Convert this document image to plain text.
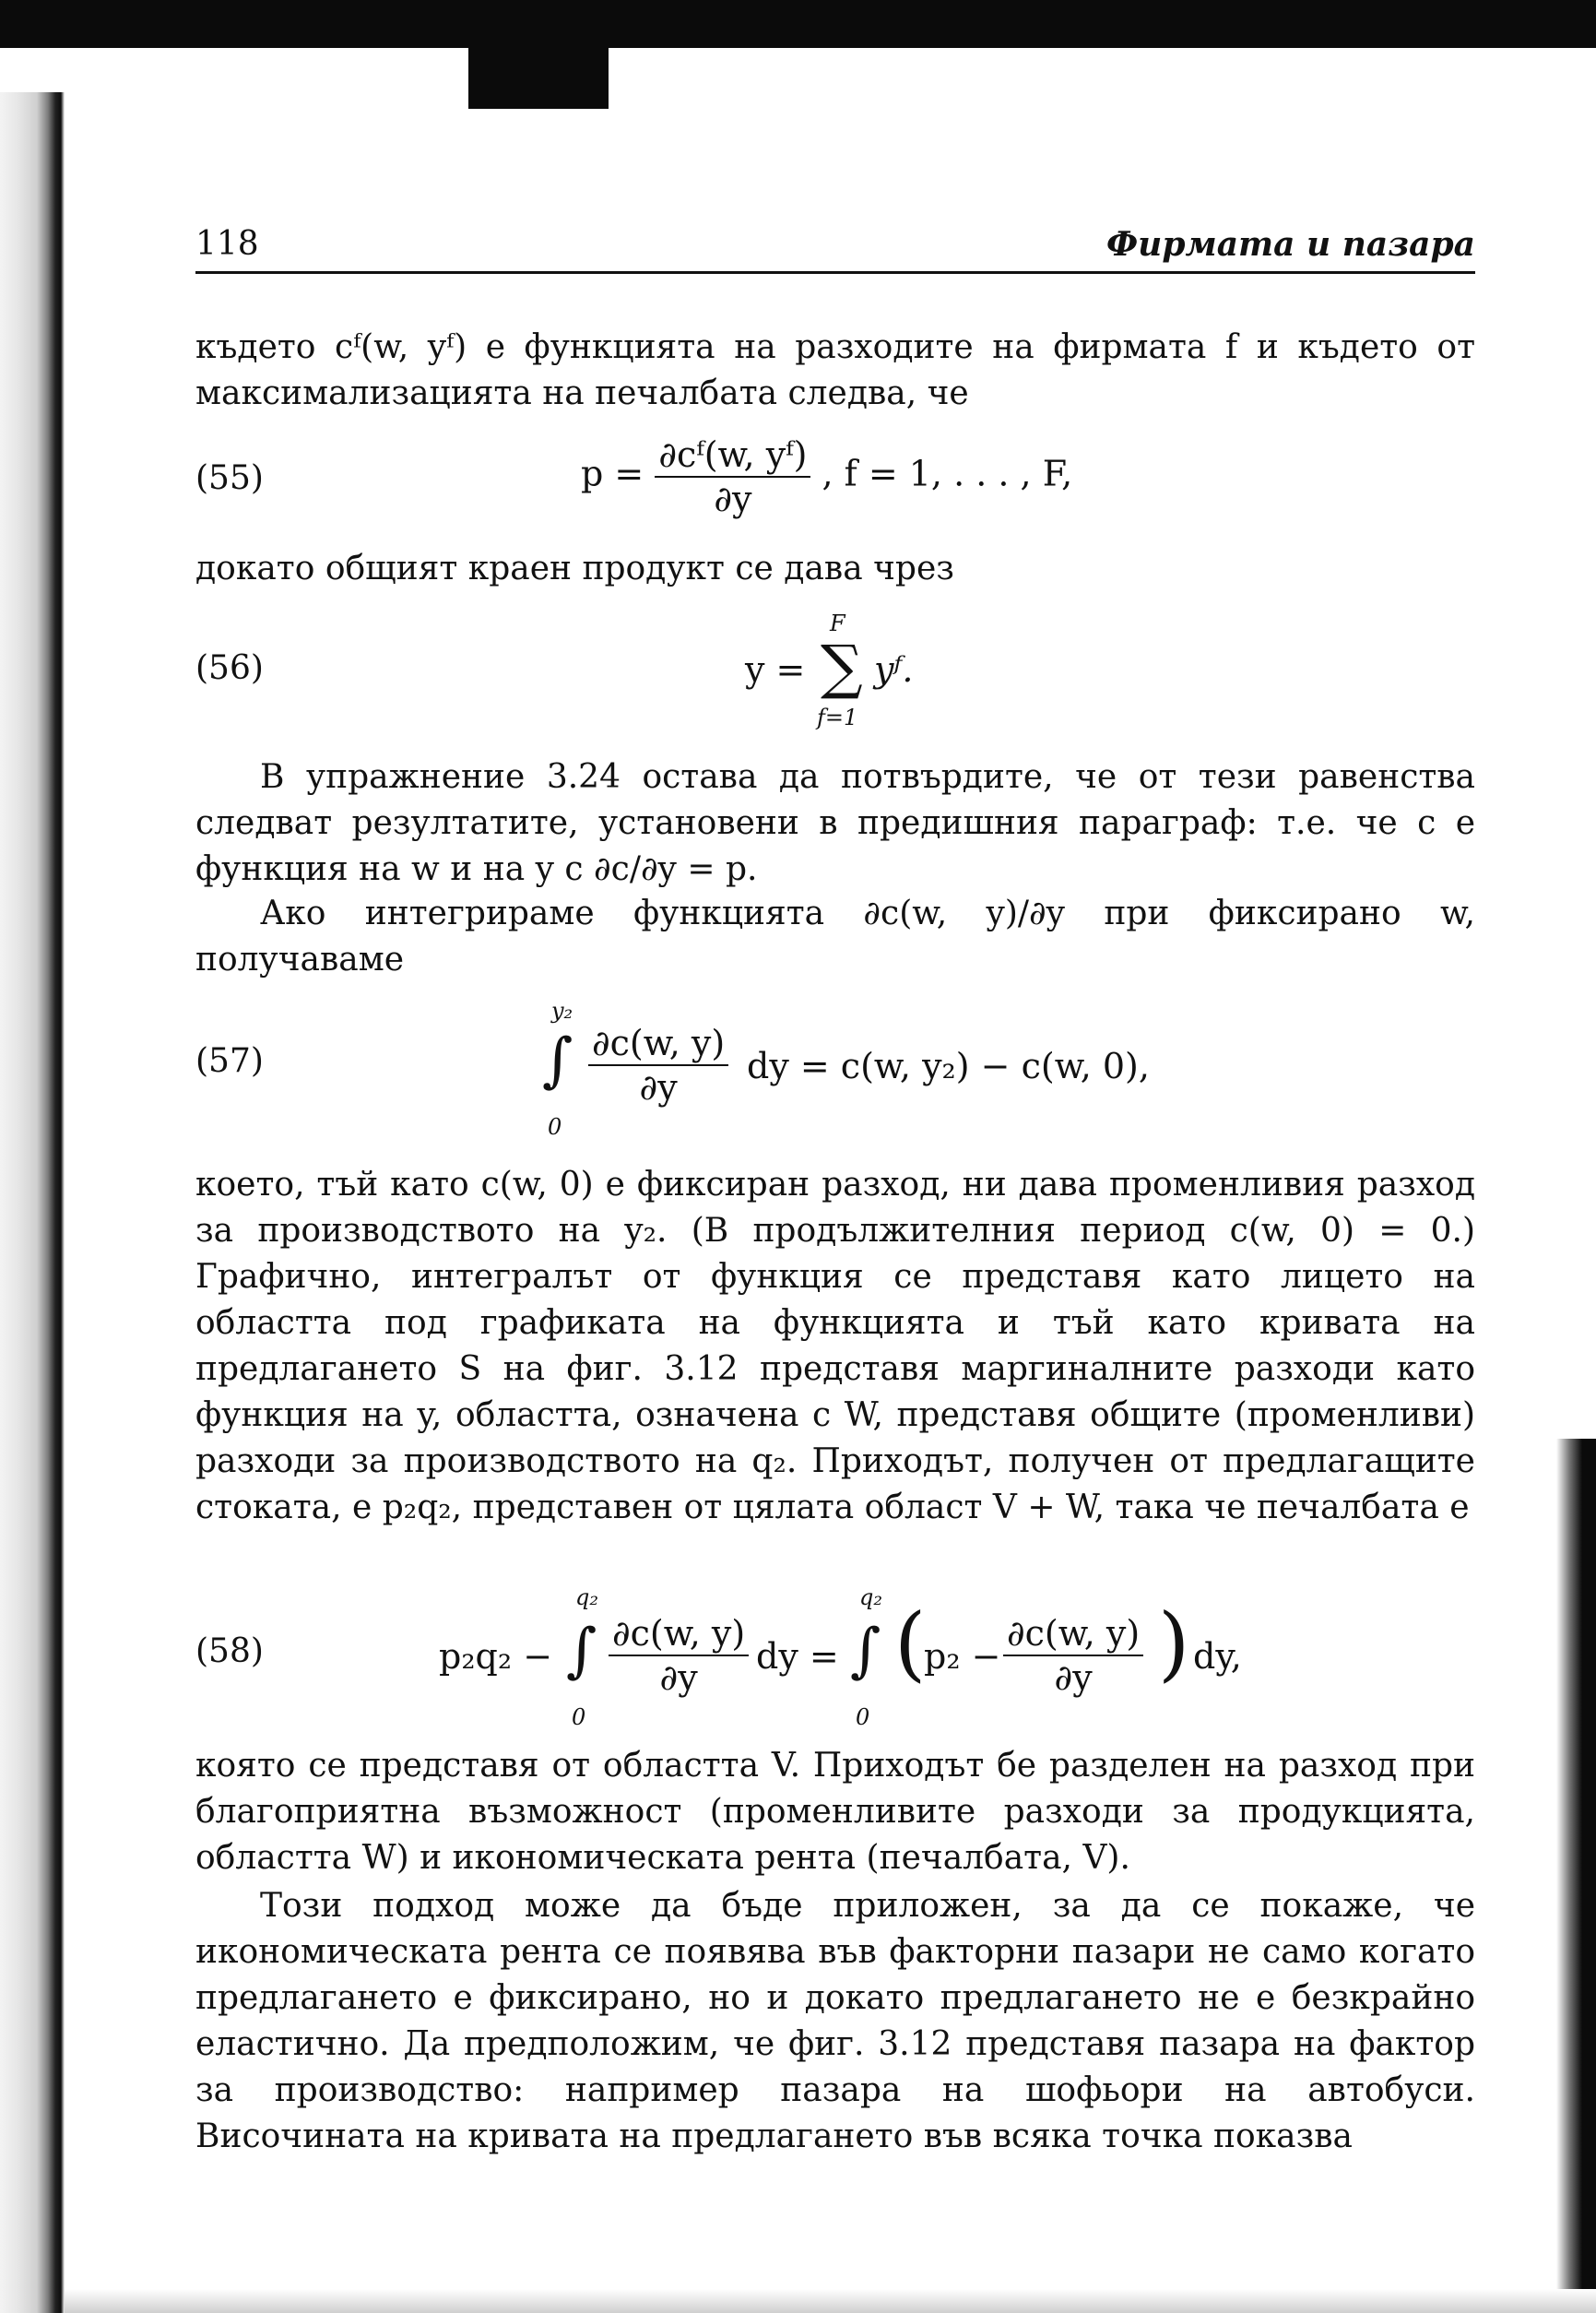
118	Фирмата и пазара

където cᶠ(w, yᶠ) е функцията на разходите на фирмата f и където от максимализацията на печалбата следва, че

(55)	$p = \frac{\text{∂cᶠ(w, yᶠ)}}{\partial y}$ , f = 1, . . . , F,

докато общият краен продукт се дава чрез

(56)	y =
F
∑
f=1
yᶠ.

В упражнение 3.24 остава да потвърдите, че от тези равенства следват резултатите, установени в предишния параграф: т.е. че c е функция на w и на y с ∂c/∂y = p.

Ако интегрираме функцията ∂c(w, y)/∂y при фиксирано w, получаваме

(57)
y₂
∫
0
$\frac{\partial c(w, y)}{\partial y}$ dy = c(w, y₂) − c(w, 0),

което, тъй като c(w, 0) е фиксиран разход, ни дава променливия разход за производството на y₂. (В продължителния период c(w, 0) = 0.) Графично, интегралът от функция се представя като лицето на областта под графиката на функцията и тъй като кривата на предлагането S на фиг. 3.12 представя маргиналните разходи като функция на y, областта, означена с W, представя общите (променливи) разходи за производството на q₂. Приходът, получен от предлагащите стоката, е p₂q₂, представен от цялата област V + W, така че печалбата е

(58)	p₂q₂ −
q₂
∫
0
$\frac{\partial c(w, y)}{\partial y}$ dy =
q₂
∫
0
(
$p_2 - \frac{\partial c(w, y)}{\partial y}$ ) dy,

която се представя от областта V. Приходът бе разделен на разход при благоприятна възможност (променливите разходи за продукцията, областта W) и икономическата рента (печалбата, V).

Този подход може да бъде приложен, за да се покаже, че икономическата рента се появява във факторни пазари не само когато предлагането е фиксирано, но и докато предлагането не е безкрайно еластично. Да предположим, че фиг. 3.12 представя пазара на фактор за производство: например пазара на шофьори на автобуси. Височината на кривата на предлагането във всяка точка показва
